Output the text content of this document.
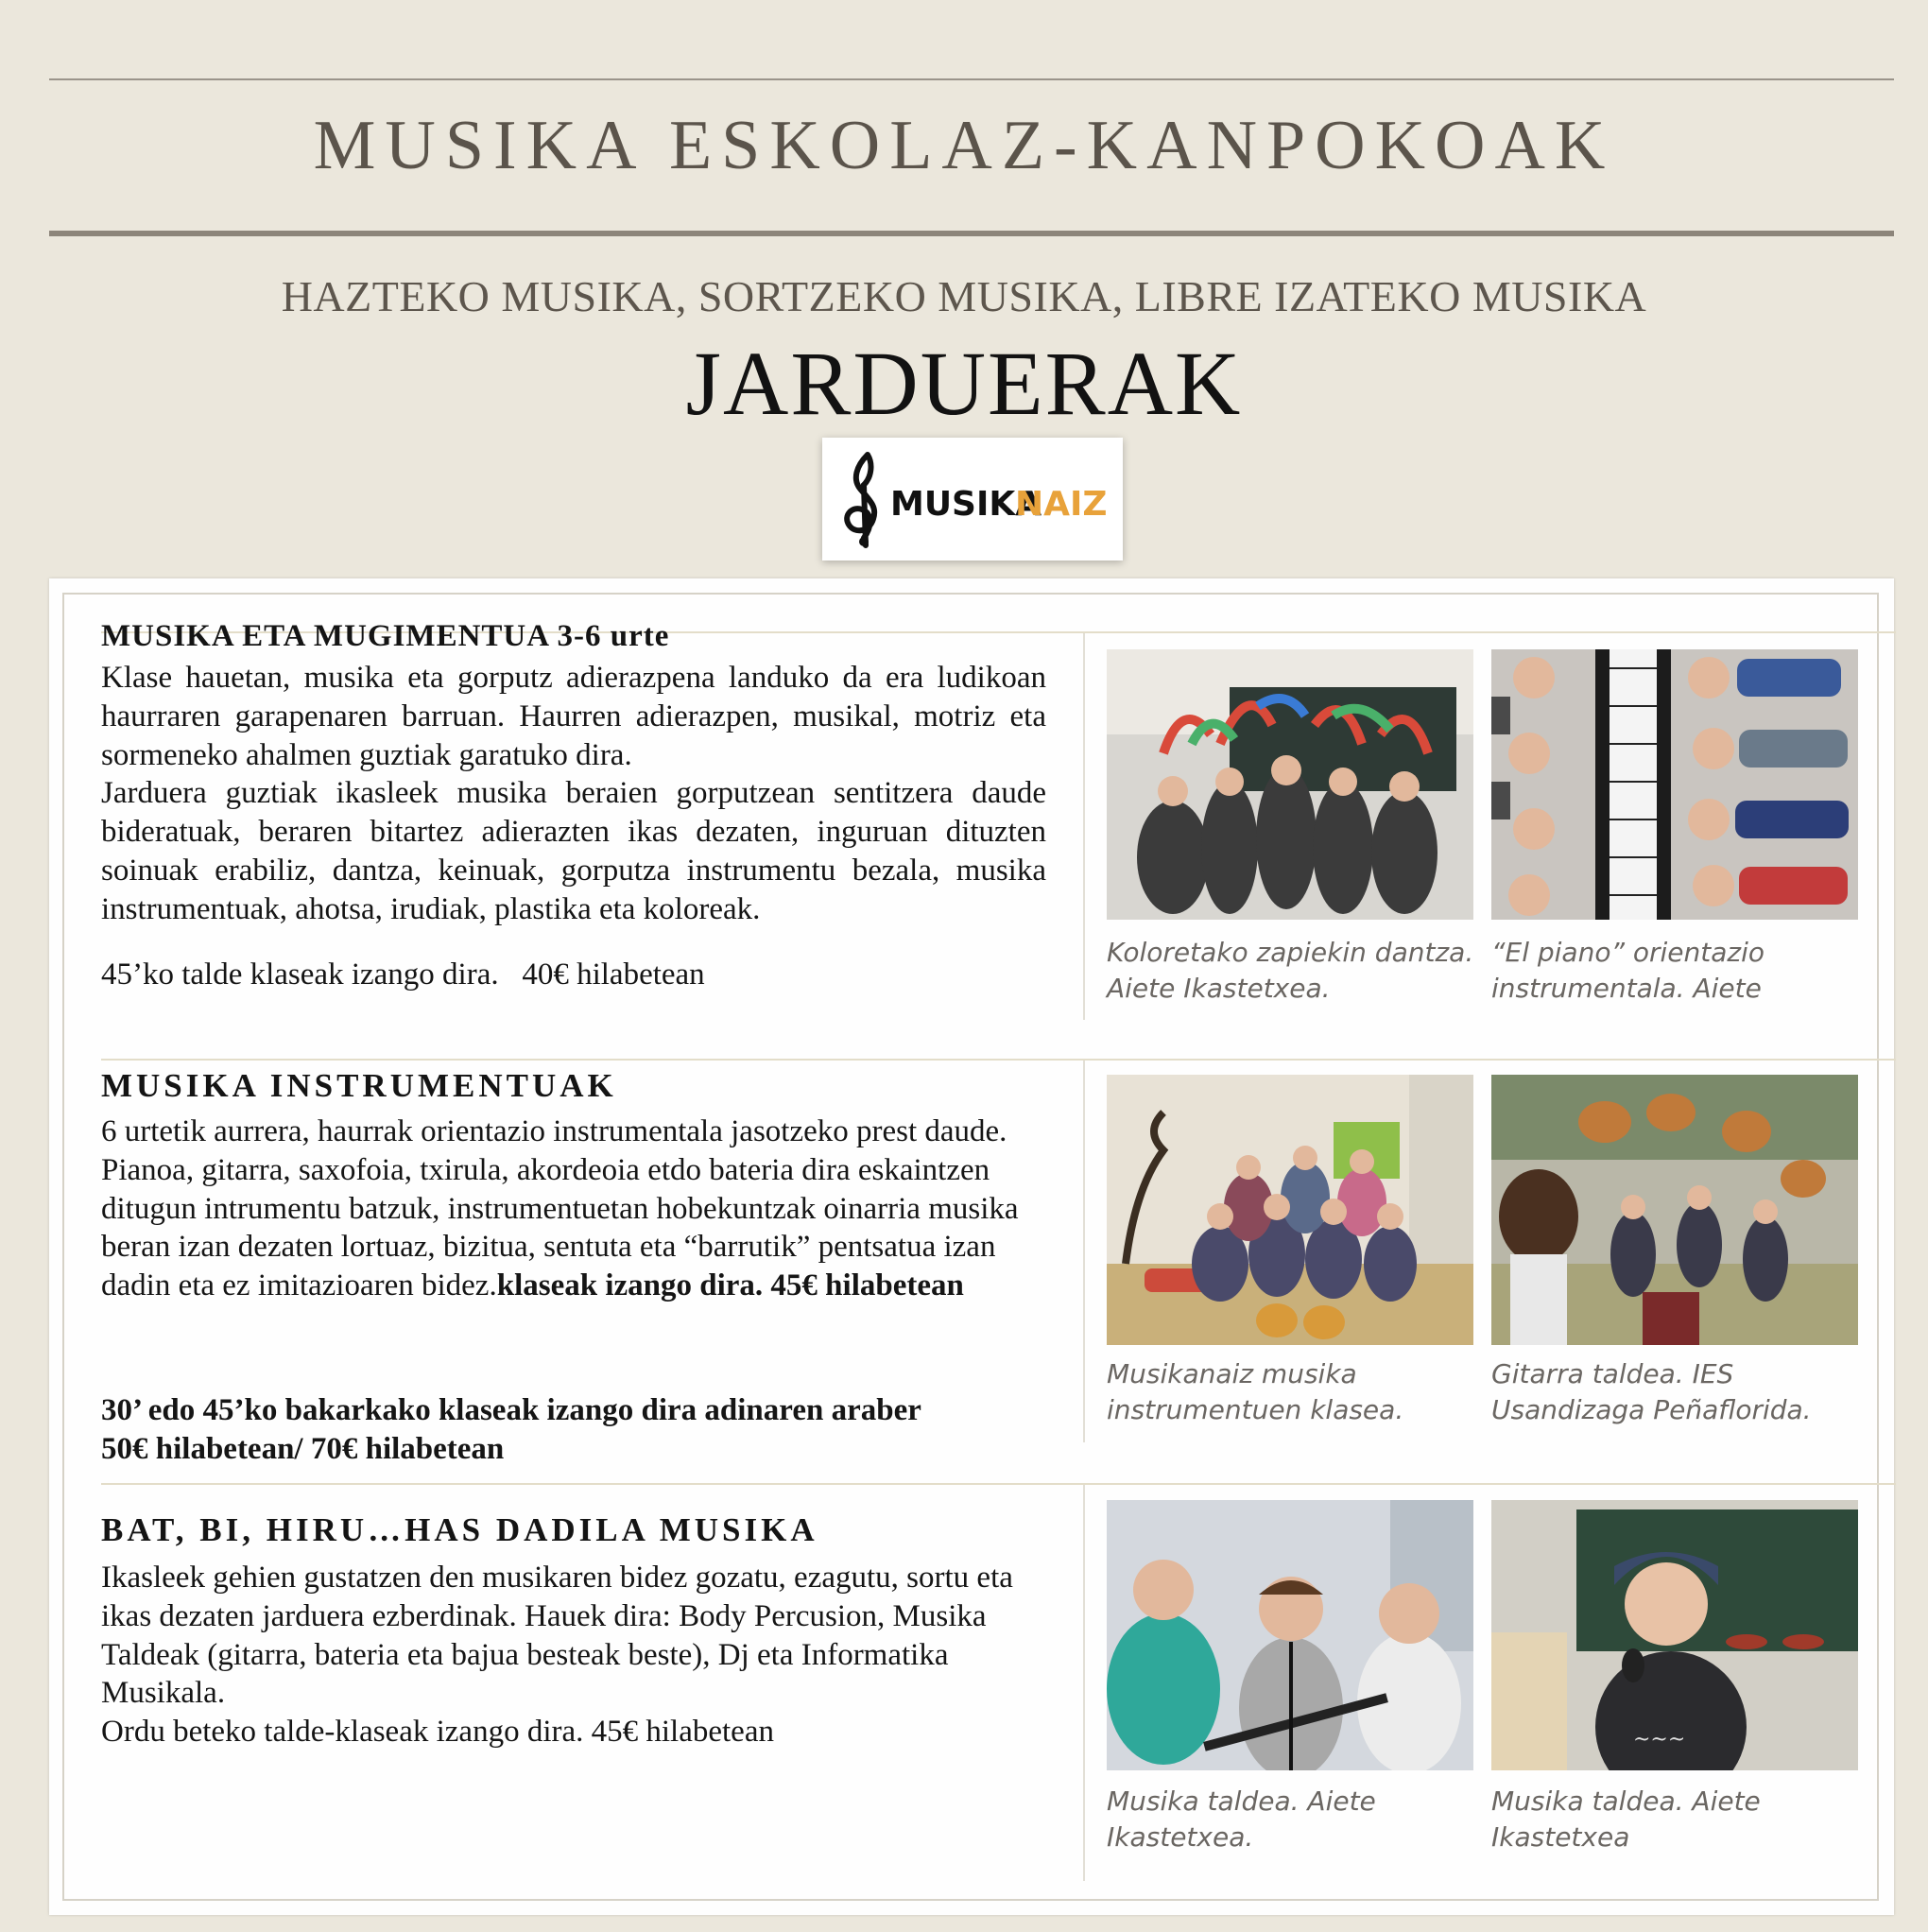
MUSIKA ESKOLAZ-KANPOKOAK
HAZTEKO MUSIKA, SORTZEKO MUSIKA, LIBRE IZATEKO MUSIKA
JARDUERAK
MUSIKA
NAIZ
MUSIKA ETA MUGIMENTUA 3-6 urte

Klase hauetan, musika eta gorputz adierazpena landuko da era ludikoan haurraren garapenaren barruan. Haurren adierazpen, musikal, motriz eta sormeneko ahalmen guztiak garatuko dira.

Jarduera guztiak ikasleek musika beraien gorputzean sentitzera daude bideratuak, beraren bitartez adierazten ikas dezaten, inguruan dituzten soinuak erabiliz, dantza, keinuak, gorputza instrumentu bezala, musika instrumentuak, ahotsa, irudiak, plastika eta koloreak.

45’ko talde klaseak izango dira.   40€ hilabetean
Koloretako zapiekin dantza. Aiete Ikastetxea.
“El piano” orientazio instrumentala. Aiete
MUSIKA INSTRUMENTUAK
6 urtetik aurrera, haurrak orientazio instrumentala jasotzeko prest daude. Pianoa, gitarra, saxofoia, txirula, akordeoia etdo bateria dira eskaintzen ditugun intrumentu batzuk, instrumentuetan hobekuntzak oinarria musika beran izan dezaten lortuaz, bizitua, sentuta eta “barrutik” pentsatua izan dadin eta ez imitazioaren bidez.klaseak izango dira. 45€ hilabetean
30’ edo 45’ko bakarkako klaseak izango dira adinaren araber
50€ hilabetean/ 70€ hilabetean
Musikanaiz musika instrumentuen klasea.
Gitarra taldea. IES Usandizaga Peñaflorida.
BAT, BI, HIRU…HAS DADILA MUSIKA
Ikasleek gehien gustatzen den musikaren bidez gozatu, ezagutu, sortu eta ikas dezaten jarduera ezberdinak. Hauek dira: Body Percusion, Musika Taldeak (gitarra, bateria eta bajua besteak beste), Dj eta Informatika Musikala.
Ordu beteko talde-klaseak izango dira. 45€ hilabetean	~~~
Musika taldea. Aiete Ikastetxea.
Musika taldea. Aiete Ikastetxea
